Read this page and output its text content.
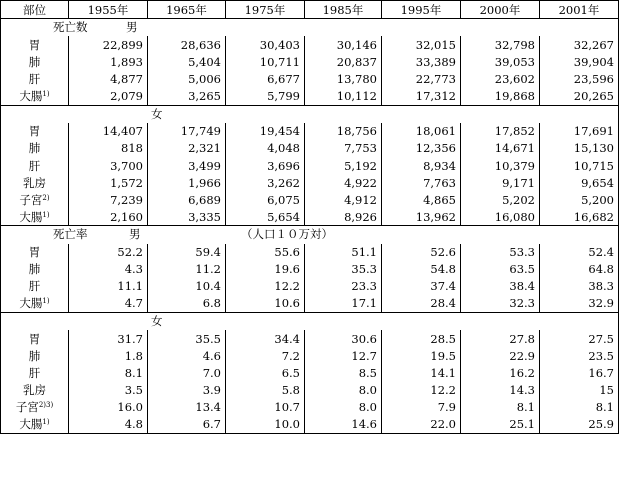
部位	1955年	1965年	1975年	1985年	1995年	2000年	2001年

死亡数 男							

胃	22,899	28,636	30,403	30,146	32,015	32,798	32,267
肺	1,893	5,404	10,711	20,837	33,389	39,053	39,904
肝	4,877	5,006	6,677	13,780	22,773	23,602	23,596
大腸$^{1)}$	2,079	3,265	5,799	10,112	17,312	19,868	20,265

女							

胃	14,407	17,749	19,454	18,756	18,061	17,852	17,691
肺	818	2,321	4,048	7,753	12,356	14,671	15,130
肝	3,700	3,499	3,696	5,192	8,934	10,379	10,715
乳房	1,572	1,966	3,262	4,922	7,763	9,171	9,654
子宮$^{2)}$	7,239	6,689	6,075	4,912	4,865	5,202	5,200
大腸$^{1)}$	2,160	3,335	5,654	8,926	13,962	16,080	16,682

死亡率 男 （人口１０万対）							

胃	52.2	59.4	55.6	51.1	52.6	53.3	52.4
肺	4.3	11.2	19.6	35.3	54.8	63.5	64.8
肝	11.1	10.4	12.2	23.3	37.4	38.4	38.3
大腸$^{1)}$	4.7	6.8	10.6	17.1	28.4	32.3	32.9

女							

胃	31.7	35.5	34.4	30.6	28.5	27.8	27.5
肺	1.8	4.6	7.2	12.7	19.5	22.9	23.5
肝	8.1	7.0	6.5	8.5	14.1	16.2	16.7
乳房	3.5	3.9	5.8	8.0	12.2	14.3	15
子宮$^{2)3)}$	16.0	13.4	10.7	8.0	7.9	8.1	8.1
大腸$^{1)}$	4.8	6.7	10.0	14.6	22.0	25.1	25.9
